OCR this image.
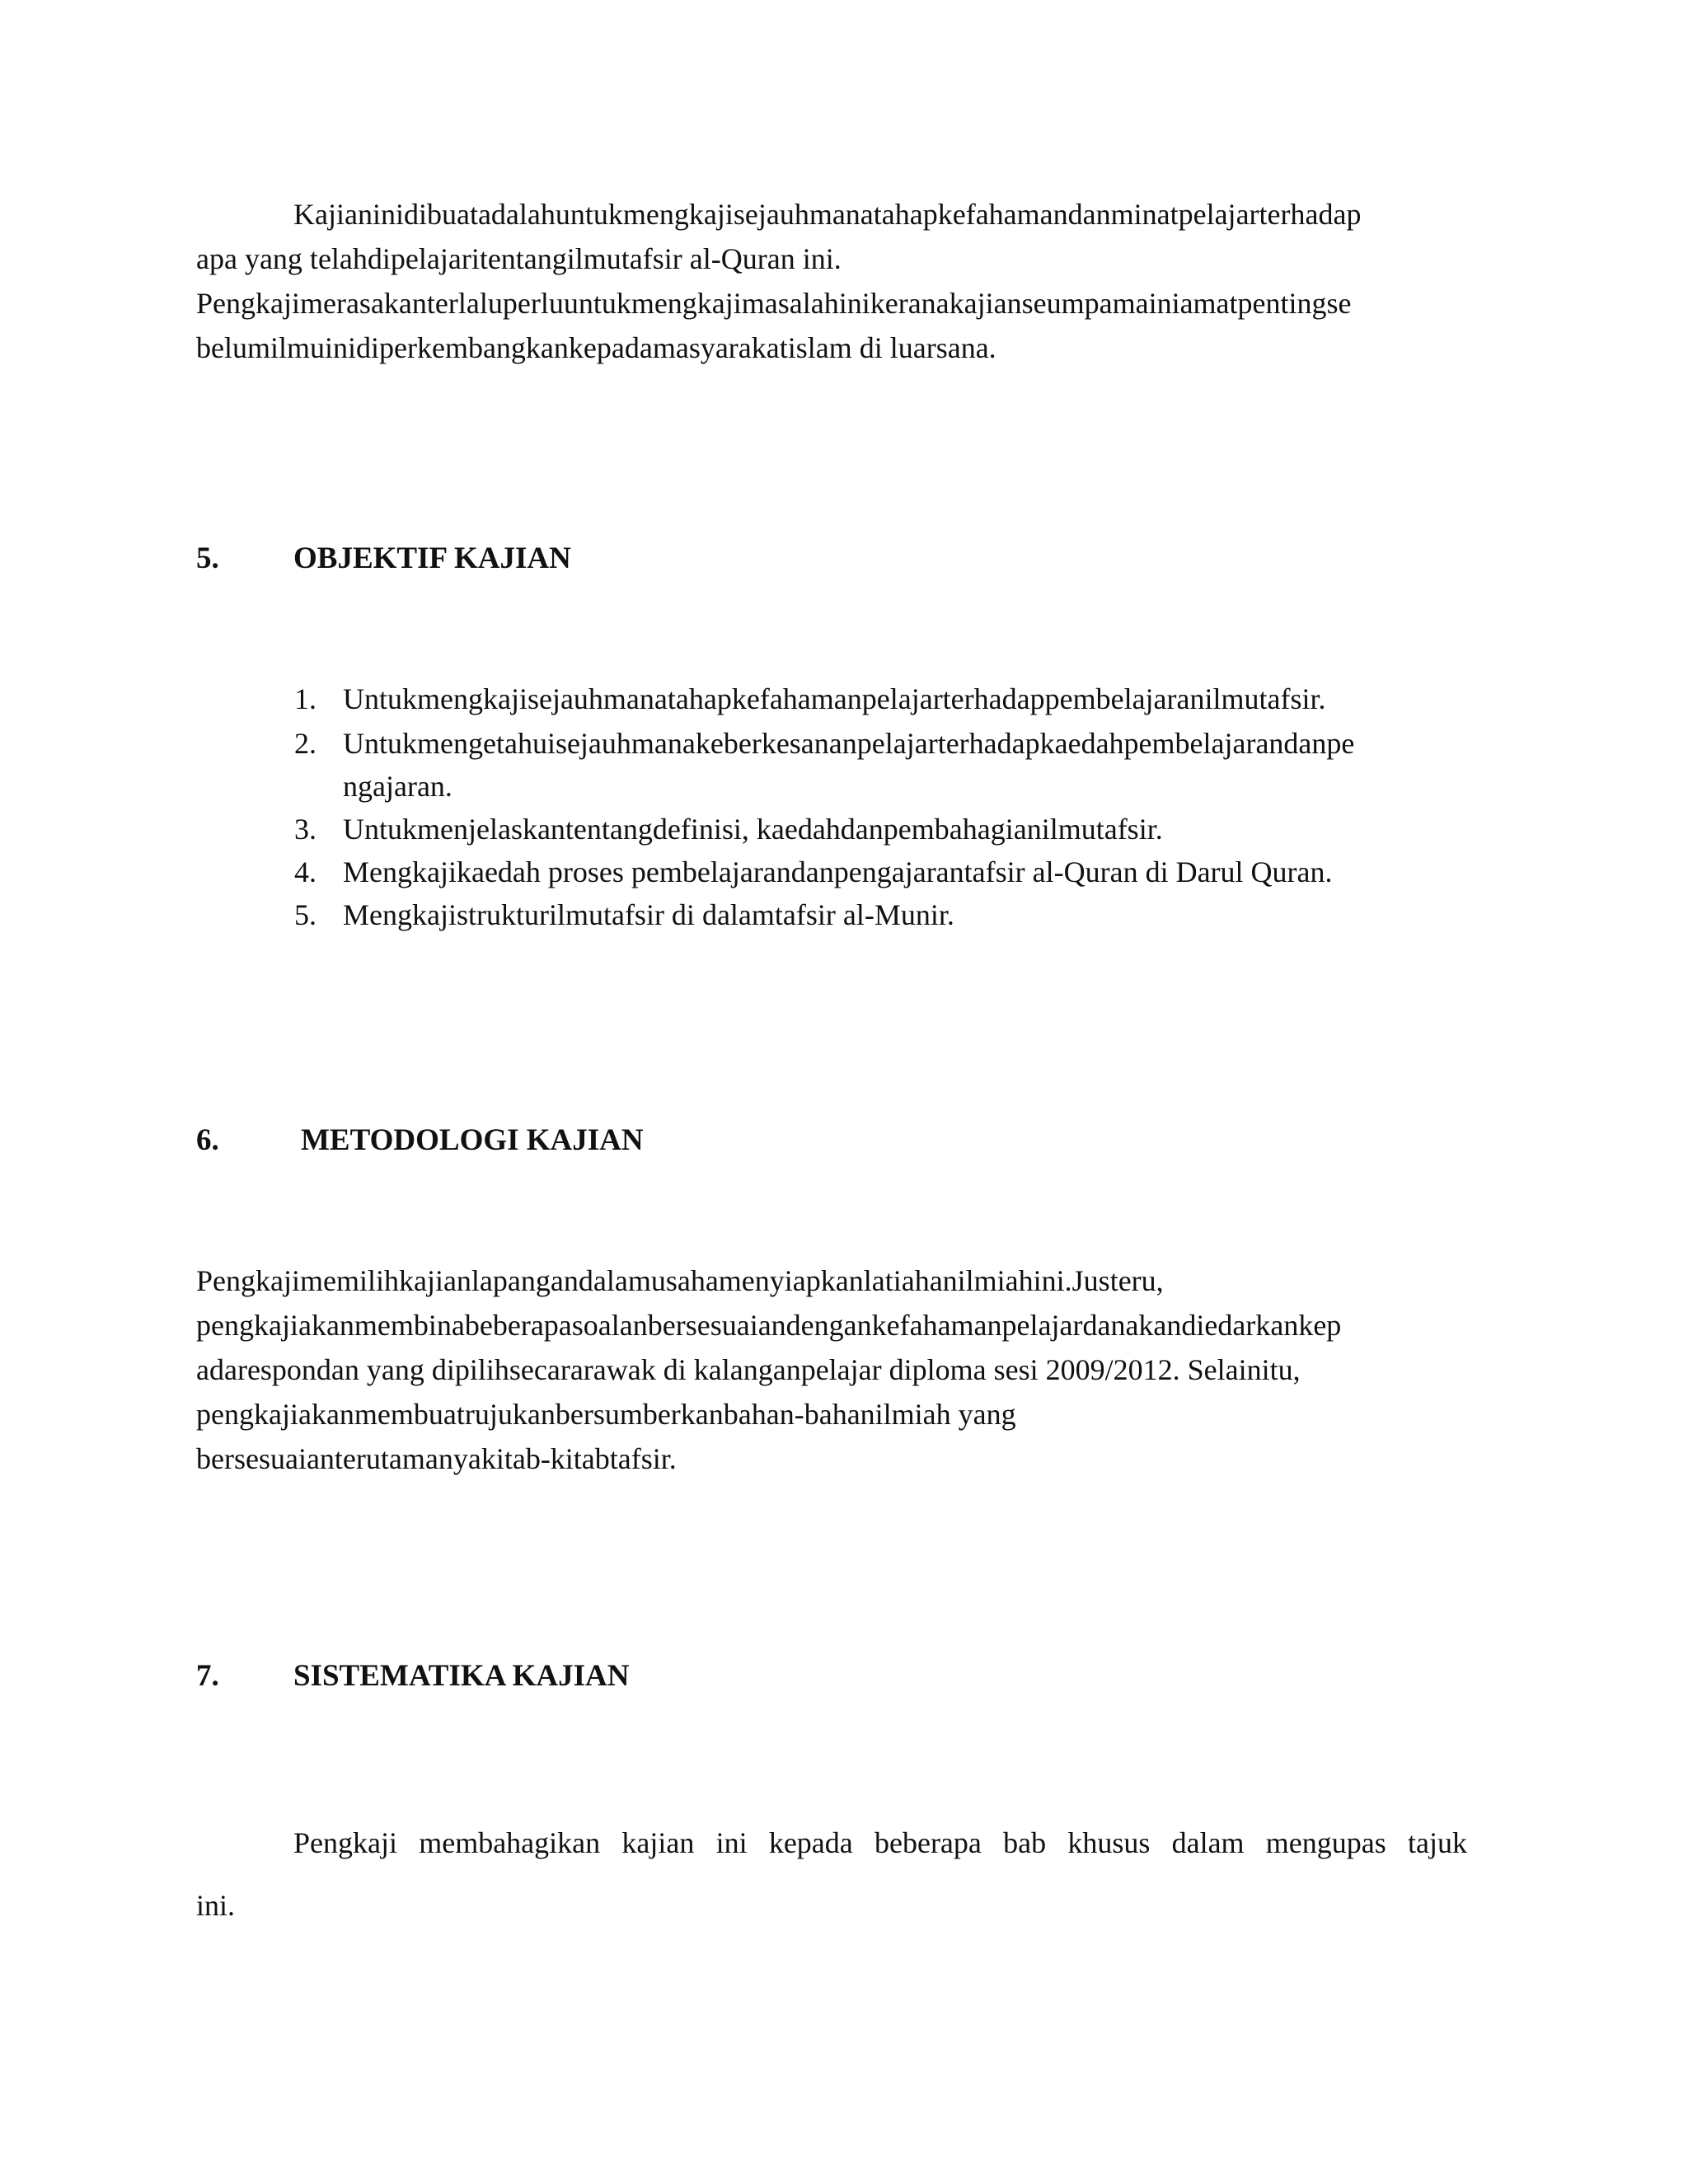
Kajianinidibuatadalahuntukmengkajisejauhmanatahapkefahamandanminatpelajarterhadap
apa yang telahdipelajaritentangilmutafsir al-Quran ini.
Pengkajimerasakanterlaluperluuntukmengkajimasalahinikeranakajianseumpamainiamatpentingse
belumilmuinidiperkembangkankepadamasyarakatislam di luarsana.
5. OBJEKTIF KAJIAN
1. Untukmengkajisejauhmanatahapkefahamanpelajarterhadappembelajaranilmutafsir.
2. Untukmengetahuisejauhmanakeberkesananpelajarterhadapkaedahpembelajarandanpe
ngajaran.
3. Untukmenjelaskantentangdefinisi, kaedahdanpembahagianilmutafsir.
4. Mengkajikaedah proses pembelajarandanpengajarantafsir al-Quran di Darul Quran.
5. Mengkajistrukturilmutafsir di dalamtafsir al-Munir.
6.	METODOLOGI KAJIAN
Pengkajimemilihkajianlapangandalamusahamenyiapkanlatiahanilmiahini.Justeru,
pengkajiakanmembinabeberapasoalanbersesuaiandengankefahamanpelajardanakandiedarkankep
adarespondan yang dipilihsecararawak di kalanganpelajar diploma sesi 2009/2012. Selainitu,
pengkajiakanmembuatrujukanbersumberkanbahan-bahanilmiah yang
bersesuaianterutamanyakitab-kitabtafsir.
7. SISTEMATIKA KAJIAN
Pengkaji membahagikan kajian ini kepada beberapa bab khusus dalam mengupas tajuk
ini.
